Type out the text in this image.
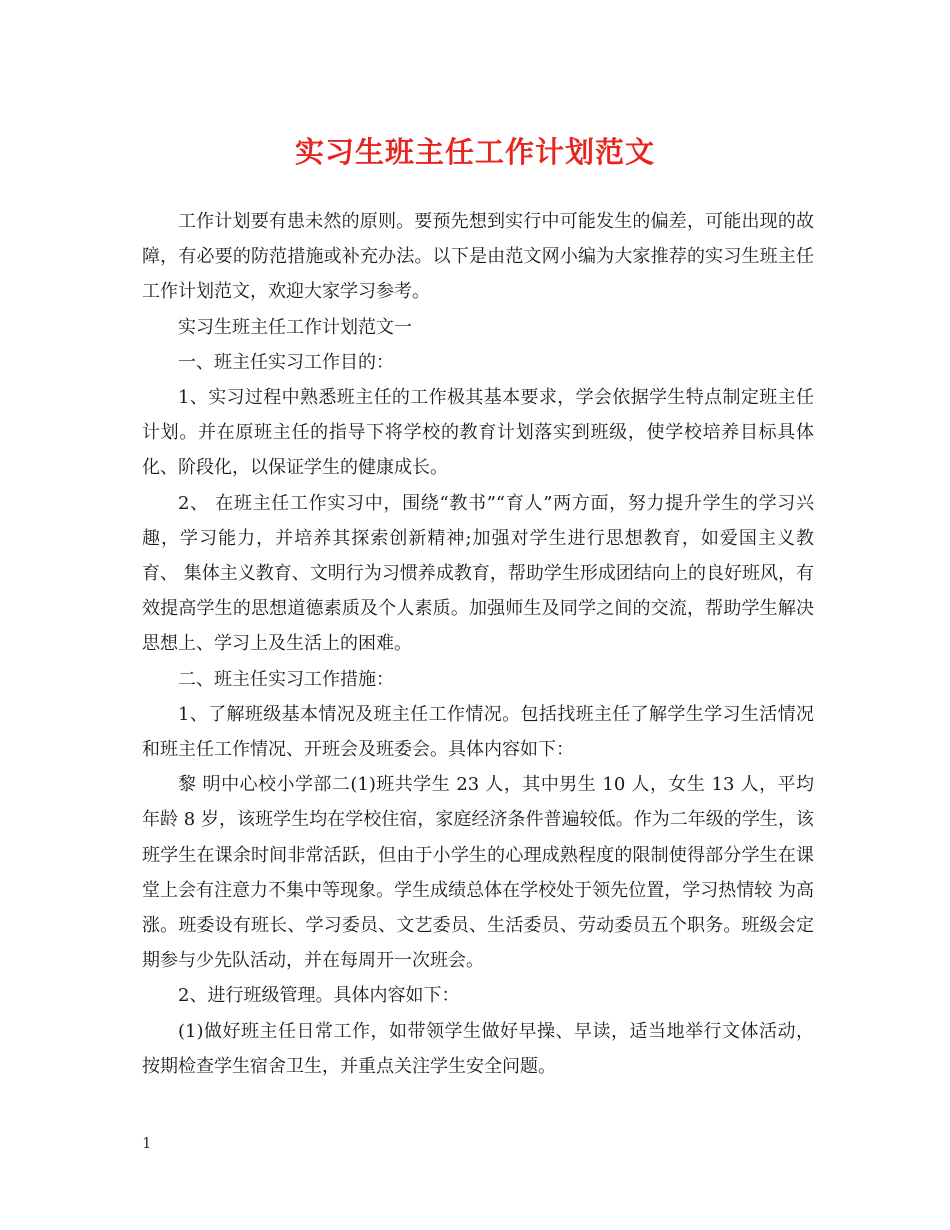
实习生班主任工作计划范文

工作计划要有患未然的原则。要预先想到实行中可能发生的偏差，可能出现的故障，有必要的防范措施或补充办法。以下是由范文网小编为大家推荐的实习生班主任工作计划范文，欢迎大家学习参考。

实习生班主任工作计划范文一

一、班主任实习工作目的：

1、实习过程中熟悉班主任的工作极其基本要求，学会依据学生特点制定班主任计划。并在原班主任的指导下将学校的教育计划落实到班级，使学校培养目标具体化、阶段化，以保证学生的健康成长。

2、 在班主任工作实习中，围绕“教书”“育人”两方面，努力提升学生的学习兴趣，学习能力，并培养其探索创新精神;加强对学生进行思想教育，如爱国主义教育、 集体主义教育、文明行为习惯养成教育，帮助学生形成团结向上的良好班风，有效提高学生的思想道德素质及个人素质。加强师生及同学之间的交流，帮助学生解决 思想上、学习上及生活上的困难。

二、班主任实习工作措施：

1、了解班级基本情况及班主任工作情况。包括找班主任了解学生学习生活情况和班主任工作情况、开班会及班委会。具体内容如下：

黎 明中心校小学部二(1)班共学生 23 人，其中男生 10 人，女生 13 人，平均年龄 8 岁，该班学生均在学校住宿，家庭经济条件普遍较低。作为二年级的学生，该 班学生在课余时间非常活跃，但由于小学生的心理成熟程度的限制使得部分学生在课堂上会有注意力不集中等现象。学生成绩总体在学校处于领先位置，学习热情较 为高涨。班委设有班长、学习委员、文艺委员、生活委员、劳动委员五个职务。班级会定期参与少先队活动，并在每周开一次班会。

2、进行班级管理。具体内容如下：

(1)做好班主任日常工作，如带领学生做好早操、早读，适当地举行文体活动，按期检查学生宿舍卫生，并重点关注学生安全问题。

1
